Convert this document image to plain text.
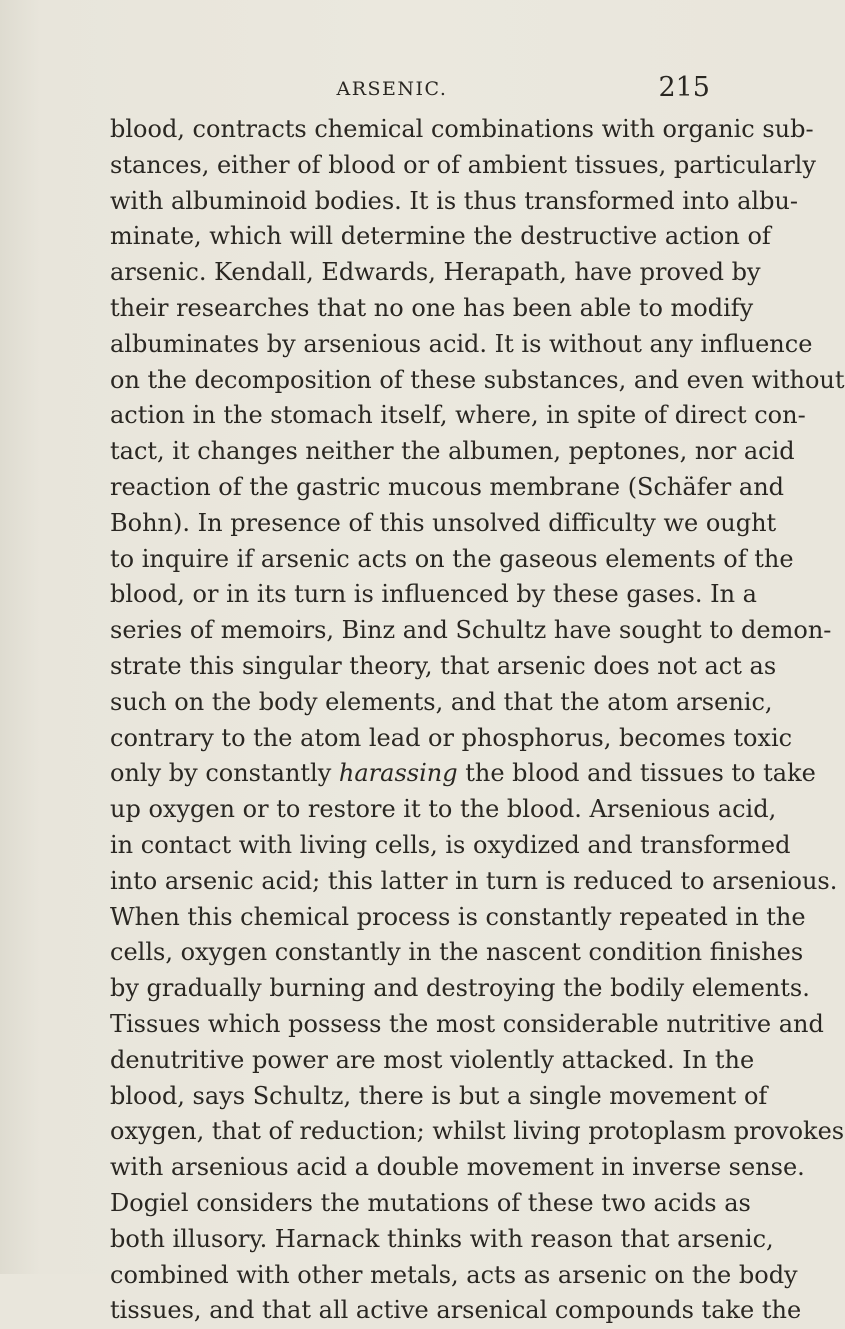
ARSENIC.	215
blood, contracts chemical combinations with organic sub-
stances, either of blood or of ambient tissues, particularly
with albuminoid bodies. It is thus transformed into albu-
minate, which will determine the destructive action of
arsenic. Kendall, Edwards, Herapath, have proved by
their researches that no one has been able to modify
albuminates by arsenious acid. It is without any influence
on the decomposition of these substances, and even without
action in the stomach itself, where, in spite of direct con-
tact, it changes neither the albumen, peptones, nor acid
reaction of the gastric mucous membrane (Schäfer and
Bohn). In presence of this unsolved difficulty we ought
to inquire if arsenic acts on the gaseous elements of the
blood, or in its turn is influenced by these gases. In a
series of memoirs, Binz and Schultz have sought to demon-
strate this singular theory, that arsenic does not act as
such on the body elements, and that the atom arsenic,
contrary to the atom lead or phosphorus, becomes toxic
only by constantly harassing the blood and tissues to take
up oxygen or to restore it to the blood. Arsenious acid,
in contact with living cells, is oxydized and transformed
into arsenic acid; this latter in turn is reduced to arsenious.
When this chemical process is constantly repeated in the
cells, oxygen constantly in the nascent condition finishes
by gradually burning and destroying the bodily elements.
Tissues which possess the most considerable nutritive and
denutritive power are most violently attacked. In the
blood, says Schultz, there is but a single movement of
oxygen, that of reduction; whilst living protoplasm provokes
with arsenious acid a double movement in inverse sense.
Dogiel considers the mutations of these two acids as
both illusory. Harnack thinks with reason that arsenic,
combined with other metals, acts as arsenic on the body
tissues, and that all active arsenical compounds take the
